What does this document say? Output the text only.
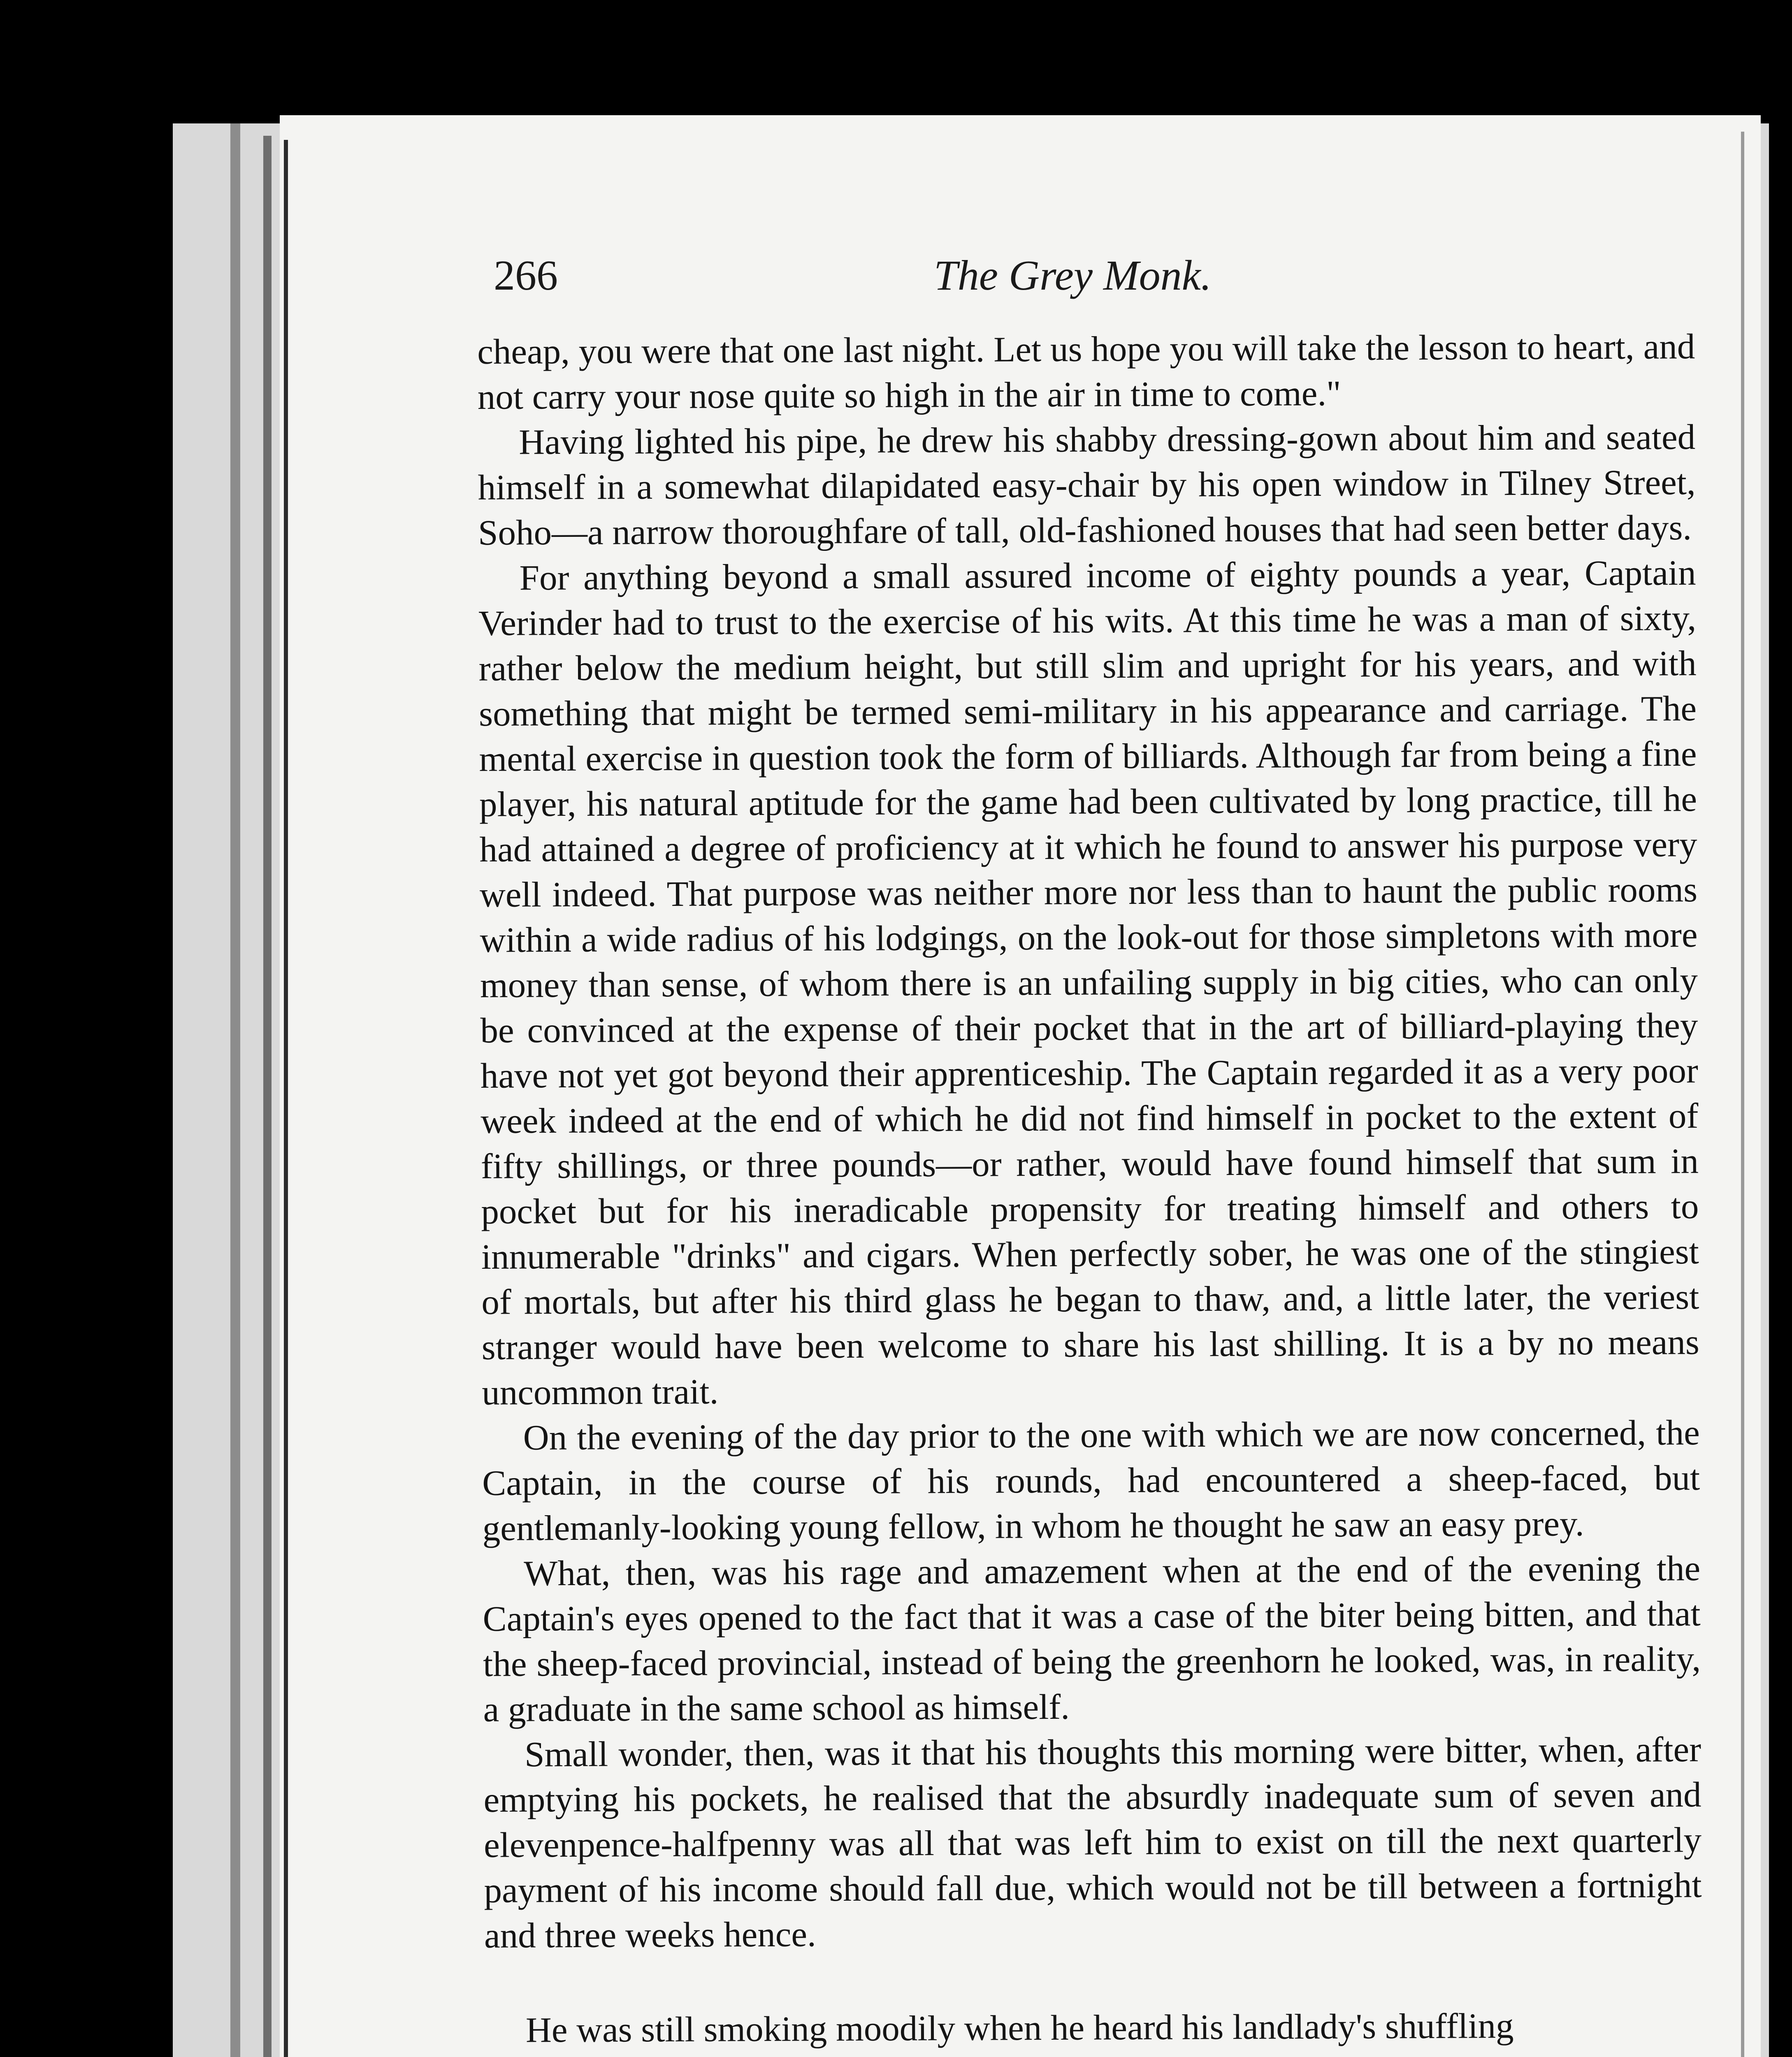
266	The Grey Monk.

cheap, you were that one last night. Let us hope you will take the lesson to heart, and not carry your nose quite so high in the air in time to come."

Having lighted his pipe, he drew his shabby dressing-gown about him and seated himself in a somewhat dilapidated easy-chair by his open window in Tilney Street, Soho—a narrow thoroughfare of tall, old-fashioned houses that had seen better days.

For anything beyond a small assured income of eighty pounds a year, Captain Verinder had to trust to the exercise of his wits. At this time he was a man of sixty, rather below the medium height, but still slim and upright for his years, and with something that might be termed semi-military in his appearance and carriage. The mental exercise in question took the form of billiards. Although far from being a fine player, his natural aptitude for the game had been cultivated by long practice, till he had attained a degree of proficiency at it which he found to answer his purpose very well indeed. That purpose was neither more nor less than to haunt the public rooms within a wide radius of his lodgings, on the look-out for those simpletons with more money than sense, of whom there is an unfailing supply in big cities, who can only be convinced at the expense of their pocket that in the art of billiard-playing they have not yet got beyond their apprenticeship. The Captain regarded it as a very poor week indeed at the end of which he did not find himself in pocket to the extent of fifty shillings, or three pounds—or rather, would have found himself that sum in pocket but for his ineradicable propensity for treating himself and others to innumerable "drinks" and cigars. When perfectly sober, he was one of the stingiest of mortals, but after his third glass he began to thaw, and, a little later, the veriest stranger would have been welcome to share his last shilling. It is a by no means uncommon trait.

On the evening of the day prior to the one with which we are now concerned, the Captain, in the course of his rounds, had encountered a sheep-faced, but gentlemanly-looking young fellow, in whom he thought he saw an easy prey.

What, then, was his rage and amazement when at the end of the evening the Captain's eyes opened to the fact that it was a case of the biter being bitten, and that the sheep-faced provincial, instead of being the greenhorn he looked, was, in reality, a graduate in the same school as himself.

Small wonder, then, was it that his thoughts this morning were bitter, when, after emptying his pockets, he realised that the absurdly inadequate sum of seven and elevenpence-halfpenny was all that was left him to exist on till the next quarterly payment of his income should fall due, which would not be till between a fortnight and three weeks hence.

He was still smoking moodily when he heard his landlady's shuffling
